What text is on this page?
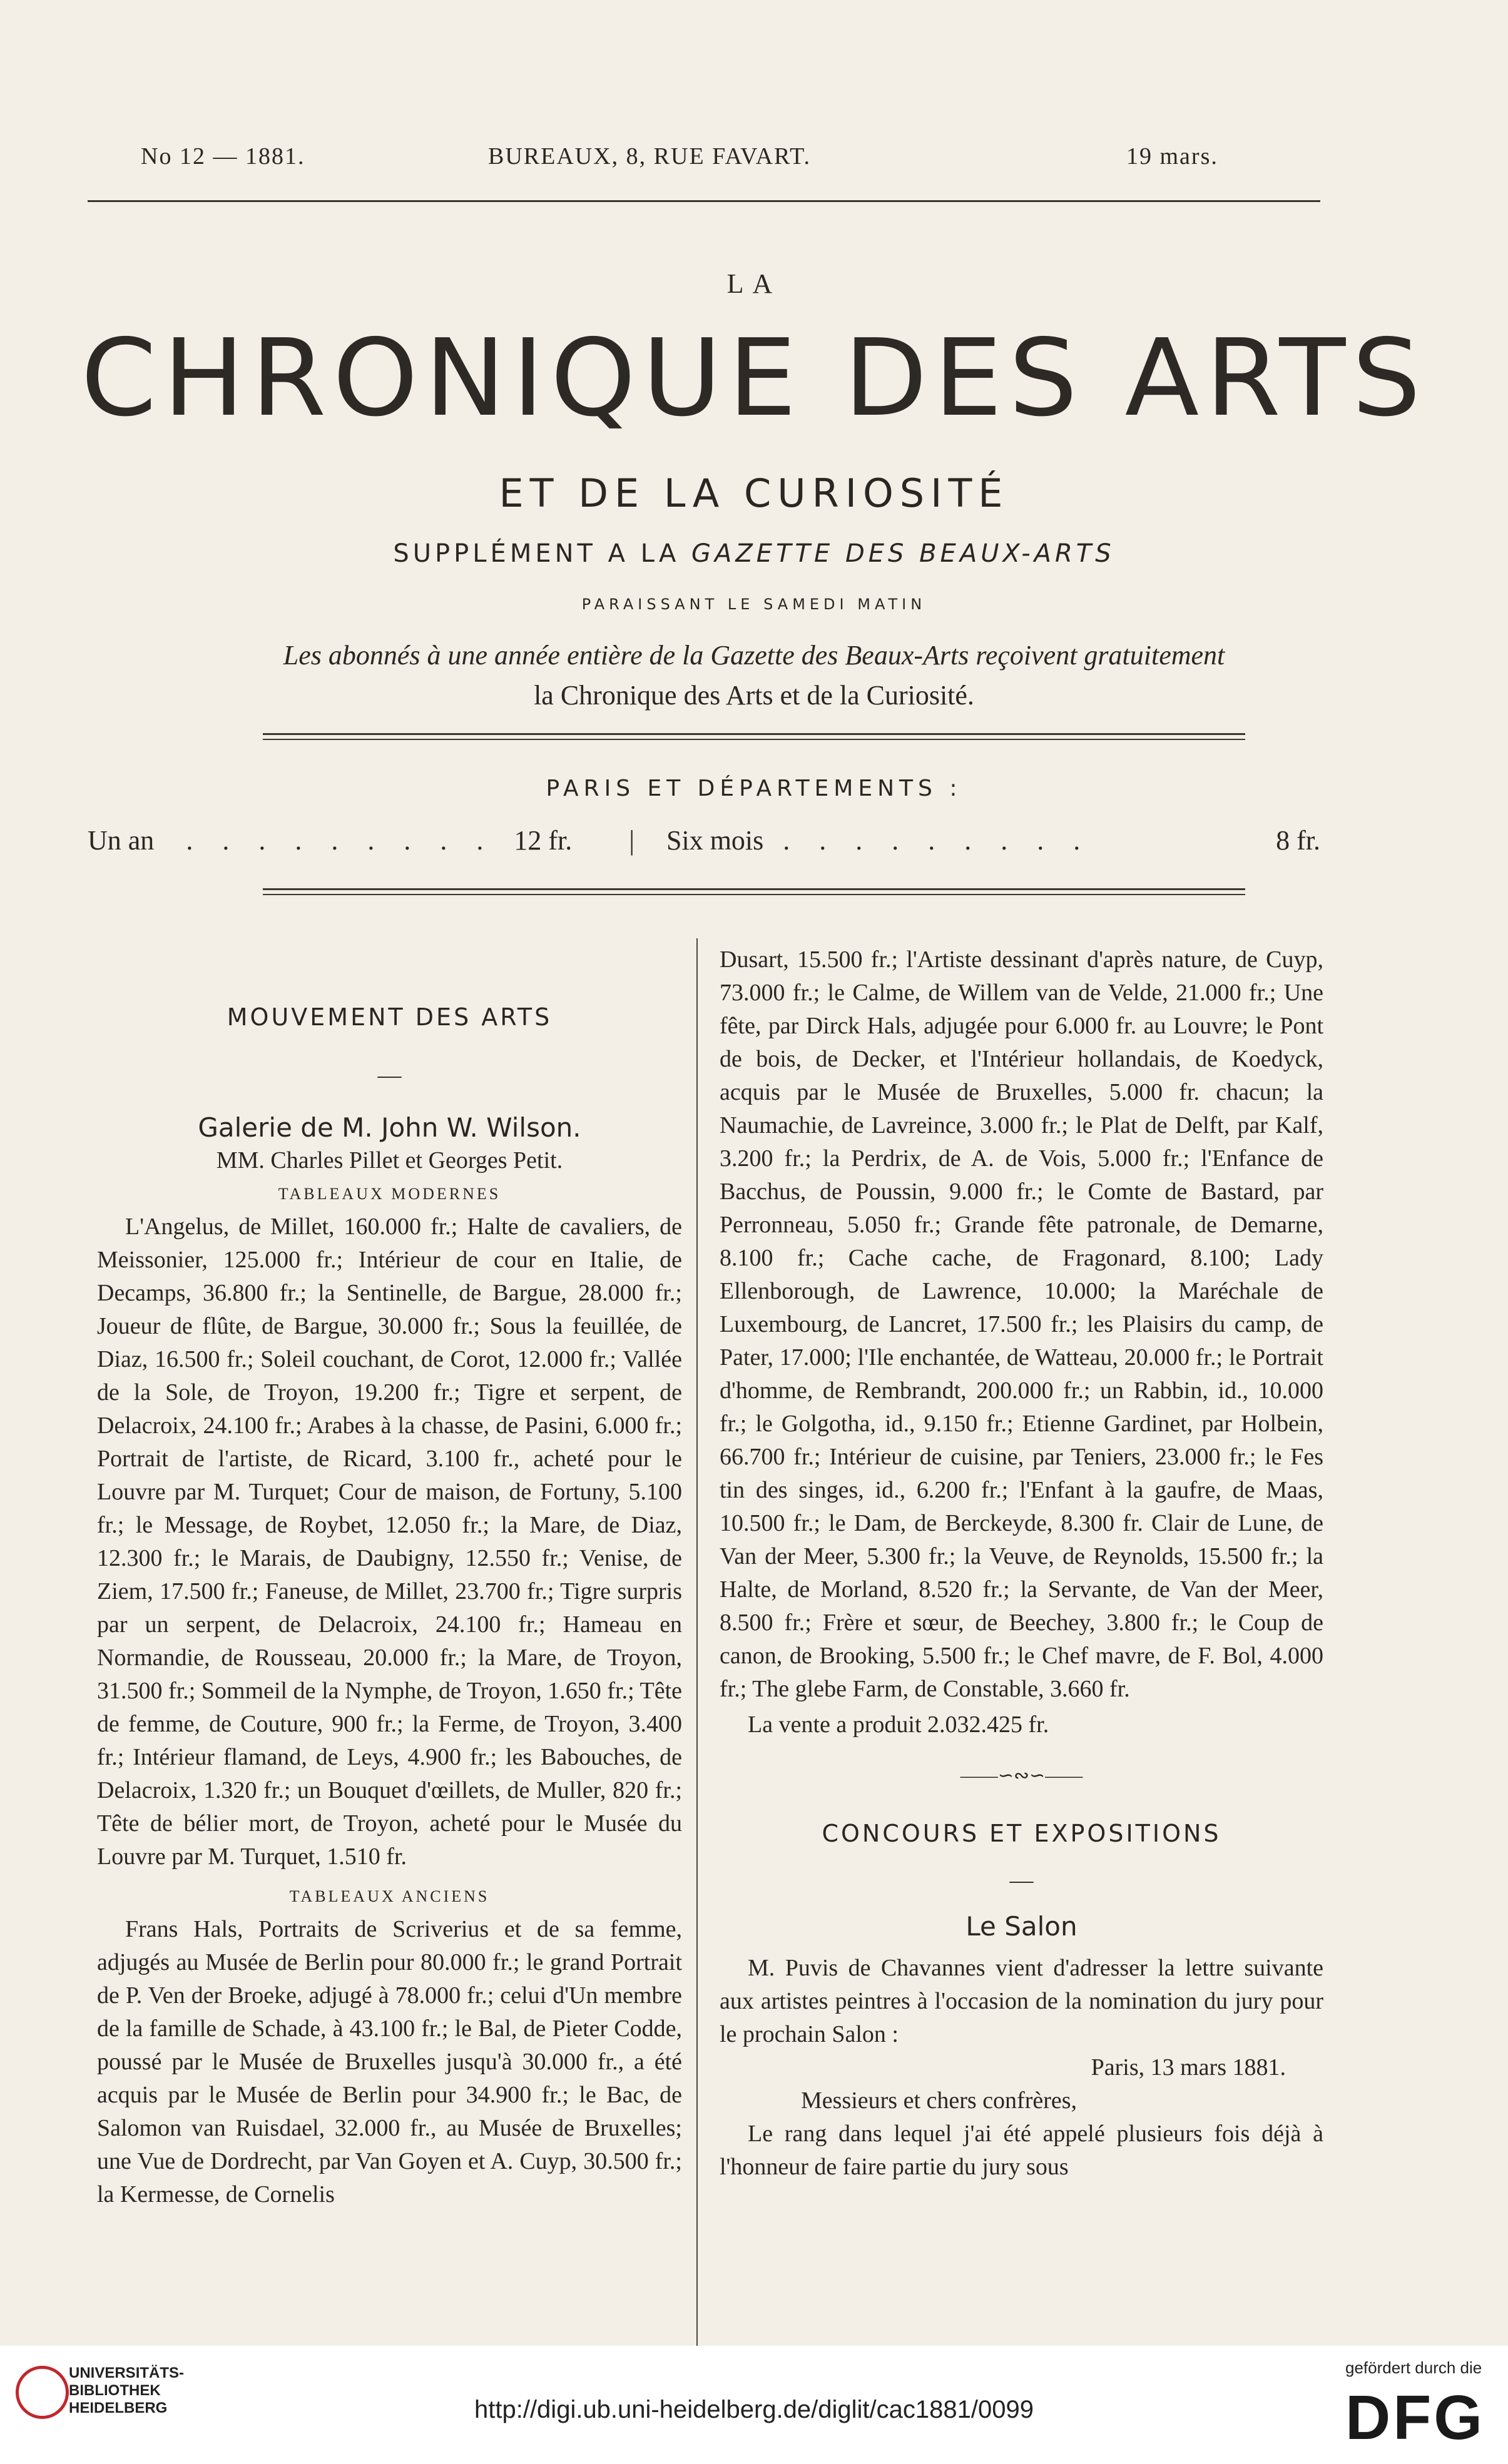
No 12 — 1881.	BUREAUX, 8, RUE FAVART.	19 mars.
LA
CHRONIQUE DES ARTS
ET DE LA CURIOSITÉ
SUPPLÉMENT A LA GAZETTE DES BEAUX-ARTS
PARAISSANT LE SAMEDI MATIN
Les abonnés à une année entière de la Gazette des Beaux-Arts reçoivent gratuitement
la Chronique des Arts et de la Curiosité.
PARIS ET DÉPARTEMENTS :
Un an . . . . . . . . . 12 fr. | Six mois . . . . . . . . .	8 fr.

MOUVEMENT DES ARTS

—

Galerie de M. John W. Wilson.

MM. Charles Pillet et Georges Petit.

TABLEAUX MODERNES

L'Angelus, de Millet, 160.000 fr.; Halte de cavaliers, de Meissonier, 125.000 fr.; Intérieur de cour en Italie, de Decamps, 36.800 fr.; la Sentinelle, de Bargue, 28.000 fr.; Joueur de flûte, de Bargue, 30.000 fr.; Sous la feuillée, de Diaz, 16.500 fr.; Soleil couchant, de Corot, 12.000 fr.; Vallée de la Sole, de Troyon, 19.200 fr.; Tigre et serpent, de Delacroix, 24.100 fr.; Arabes à la chasse, de Pasini, 6.000 fr.; Portrait de l'artiste, de Ricard, 3.100 fr., acheté pour le Louvre par M. Turquet; Cour de maison, de Fortuny, 5.100 fr.; le Message, de Roybet, 12.050 fr.; la Mare, de Diaz, 12.300 fr.; le Marais, de Daubigny, 12.550 fr.; Venise, de Ziem, 17.500 fr.; Faneuse, de Millet, 23.700 fr.; Tigre surpris par un serpent, de Delacroix, 24.100 fr.; Hameau en Normandie, de Rousseau, 20.000 fr.; la Mare, de Troyon, 31.500 fr.; Sommeil de la Nymphe, de Troyon, 1.650 fr.; Tête de femme, de Couture, 900 fr.; la Ferme, de Troyon, 3.400 fr.; Intérieur flamand, de Leys, 4.900 fr.; les Babouches, de Delacroix, 1.320 fr.; un Bouquet d'œillets, de Muller, 820 fr.; Tête de bélier mort, de Troyon, acheté pour le Musée du Louvre par M. Turquet, 1.510 fr.

TABLEAUX ANCIENS

Frans Hals, Portraits de Scriverius et de sa femme, adjugés au Musée de Berlin pour 80.000 fr.; le grand Portrait de P. Ven der Broeke, adjugé à 78.000 fr.; celui d'Un membre de la famille de Schade, à 43.100 fr.; le Bal, de Pieter Codde, poussé par le Musée de Bruxelles jusqu'à 30.000 fr., a été acquis par le Musée de Berlin pour 34.900 fr.; le Bac, de Salomon van Ruisdael, 32.000 fr., au Musée de Bruxelles; une Vue de Dordrecht, par Van Goyen et A. Cuyp, 30.500 fr.; la Kermesse, de Cornelis

Dusart, 15.500 fr.; l'Artiste dessinant d'après nature, de Cuyp, 73.000 fr.; le Calme, de Willem van de Velde, 21.000 fr.; Une fête, par Dirck Hals, adjugée pour 6.000 fr. au Louvre; le Pont de bois, de Decker, et l'Intérieur hollandais, de Koedyck, acquis par le Musée de Bruxelles, 5.000 fr. chacun; la Naumachie, de Lavreince, 3.000 fr.; le Plat de Delft, par Kalf, 3.200 fr.; la Perdrix, de A. de Vois, 5.000 fr.; l'Enfance de Bacchus, de Poussin, 9.000 fr.; le Comte de Bastard, par Perronneau, 5.050 fr.; Grande fête patronale, de Demarne, 8.100 fr.; Cache cache, de Fragonard, 8.100; Lady Ellenborough, de Lawrence, 10.000; la Maréchale de Luxembourg, de Lancret, 17.500 fr.; les Plaisirs du camp, de Pater, 17.000; l'Ile enchantée, de Watteau, 20.000 fr.; le Portrait d'homme, de Rembrandt, 200.000 fr.; un Rabbin, id., 10.000 fr.; le Golgotha, id., 9.150 fr.; Etienne Gardinet, par Holbein, 66.700 fr.; Intérieur de cuisine, par Teniers, 23.000 fr.; le Fes tin des singes, id., 6.200 fr.; l'Enfant à la gaufre, de Maas, 10.500 fr.; le Dam, de Berckeyde, 8.300 fr. Clair de Lune, de Van der Meer, 5.300 fr.; la Veuve, de Reynolds, 15.500 fr.; la Halte, de Morland, 8.520 fr.; la Servante, de Van der Meer, 8.500 fr.; Frère et sœur, de Beechey, 3.800 fr.; le Coup de canon, de Brooking, 5.500 fr.; le Chef mavre, de F. Bol, 4.000 fr.; The glebe Farm, de Constable, 3.660 fr.

La vente a produit 2.032.425 fr.

——∽∾∽——

CONCOURS ET EXPOSITIONS

—

Le Salon

M. Puvis de Chavannes vient d'adresser la lettre suivante aux artistes peintres à l'occasion de la nomination du jury pour le prochain Salon :

Paris, 13 mars 1881.

Messieurs et chers confrères,

Le rang dans lequel j'ai été appelé plusieurs fois déjà à l'honneur de faire partie du jury sous

UNIVERSITÄTS-
BIBLIOTHEK
HEIDELBERG	http://digi.ub.uni-heidelberg.de/diglit/cac1881/0099
gefördert durch die
DFG
